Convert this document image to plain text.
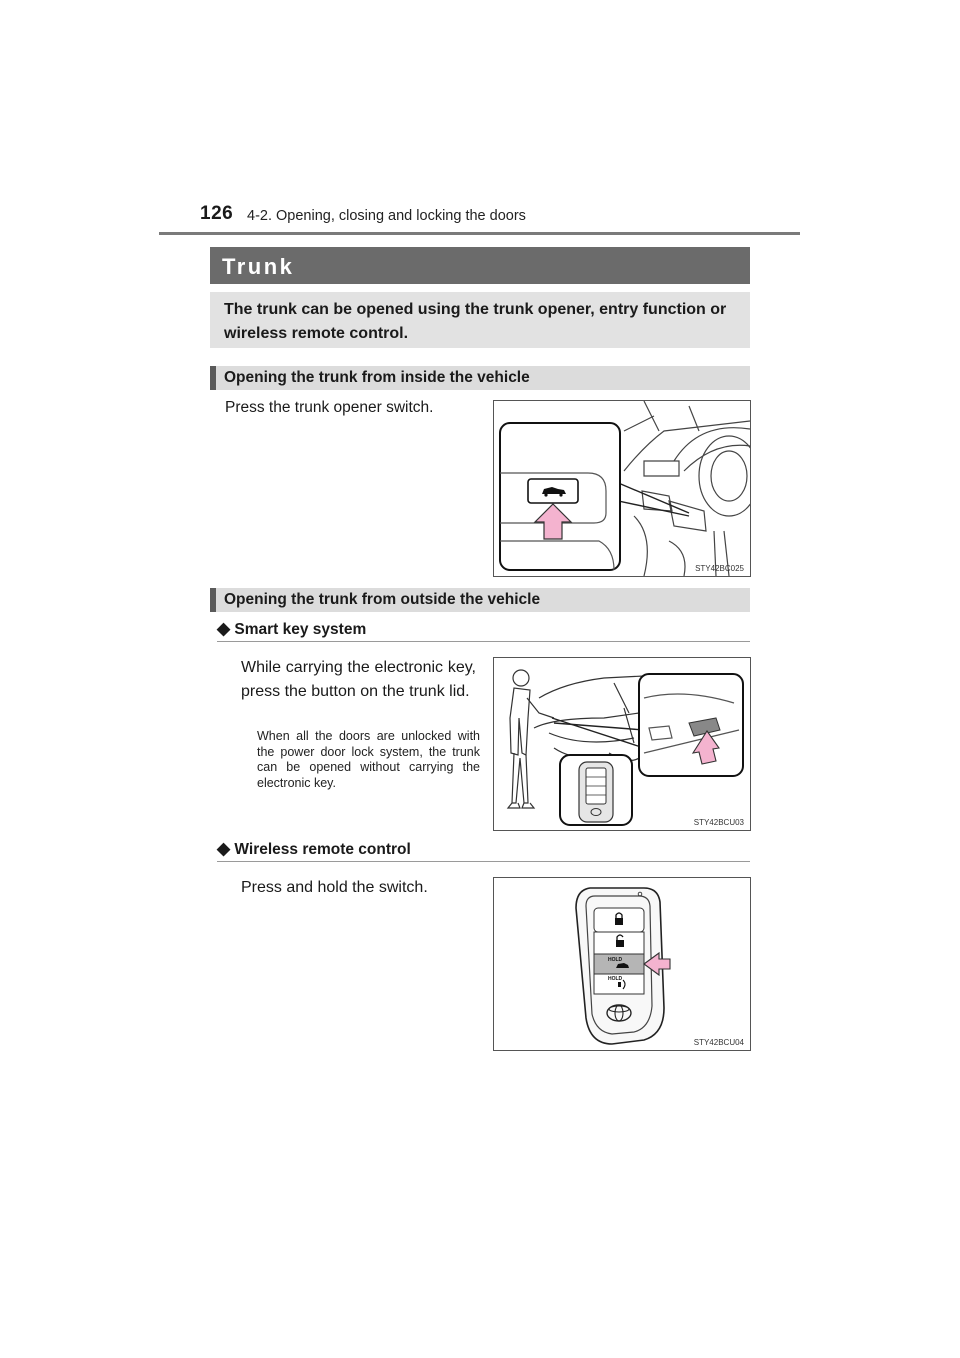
126 4-2. Opening, closing and locking the doors
Trunk
The trunk can be opened using the trunk opener, entry function or wireless remote control.
Opening the trunk from inside the vehicle
Press the trunk opener switch.
STY42BC025
Opening the trunk from outside the vehicle
◆ Smart key system
While carrying the electronic key, press the button on the trunk lid.
When all the doors are unlocked with the power door lock system, the trunk can be opened without carrying the electronic key.
STY42BCU03
◆ Wireless remote control
Press and hold the switch.
HOLD
HOLD
STY42BCU04
